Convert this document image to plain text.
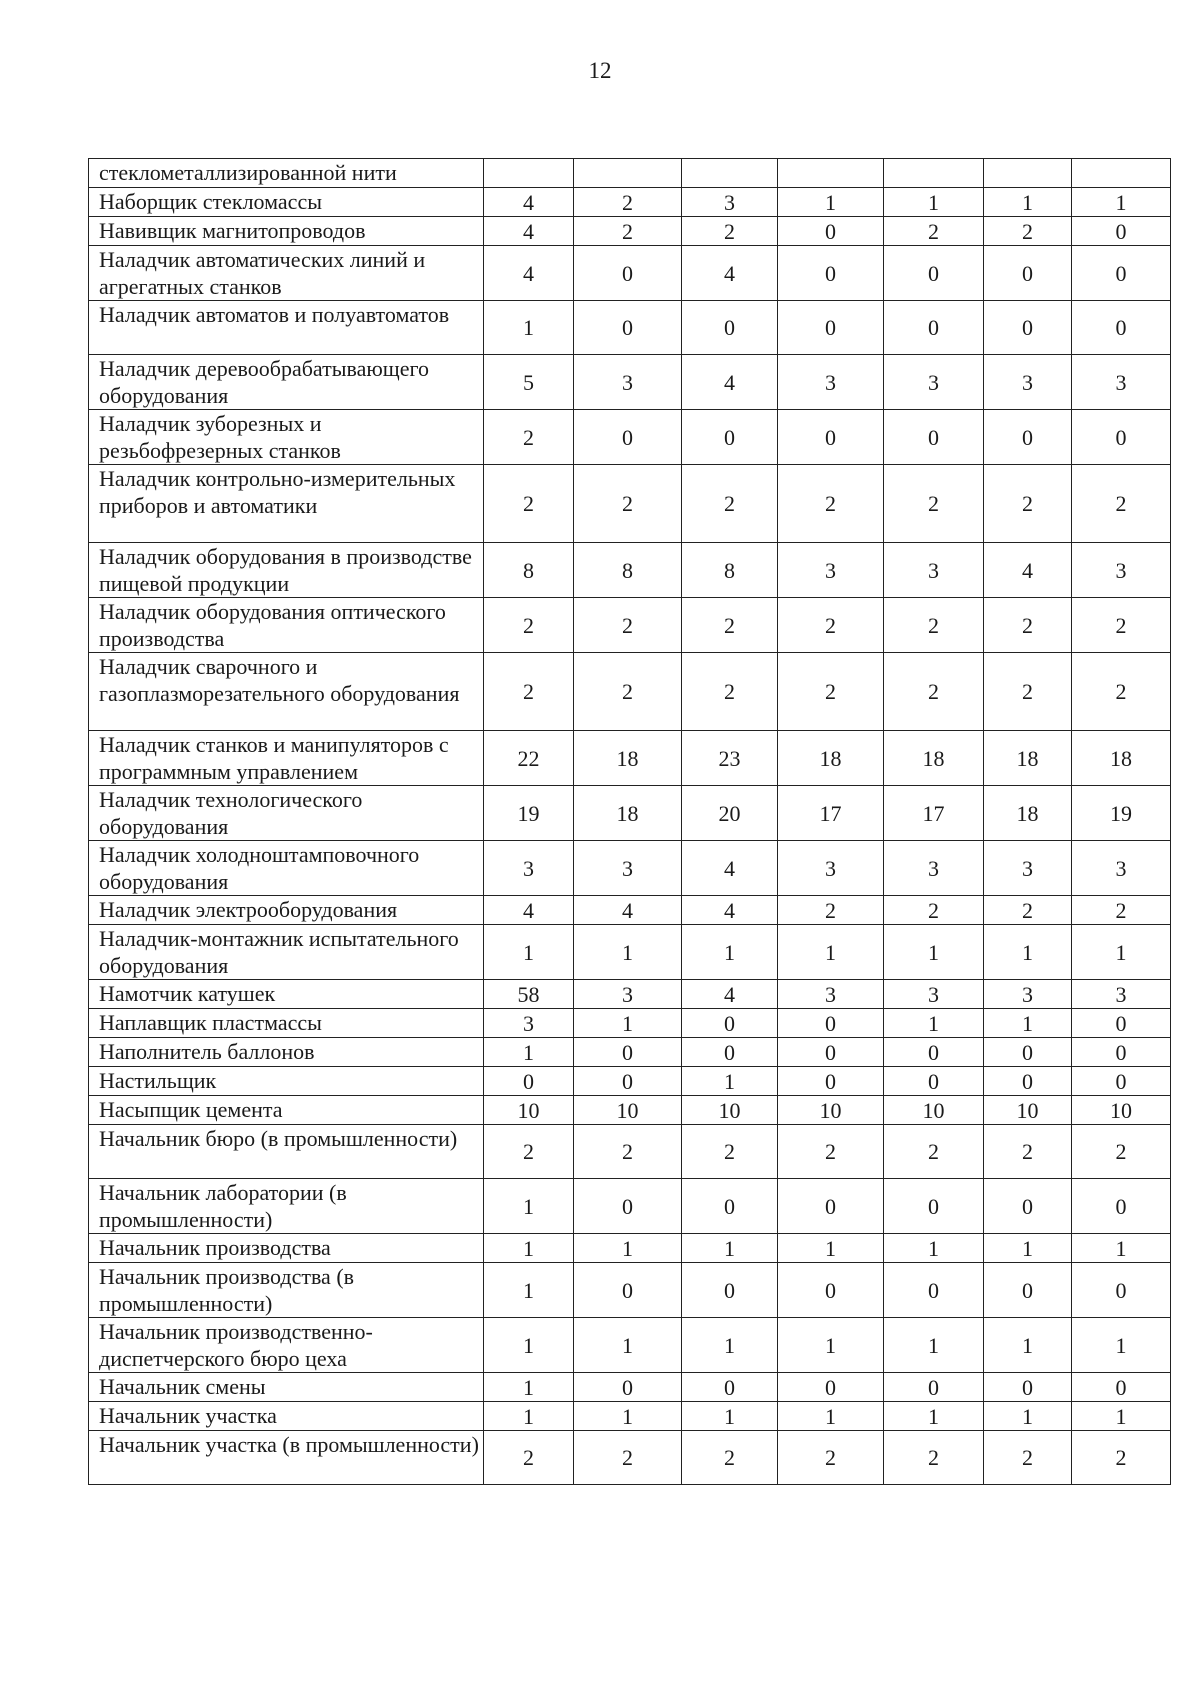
12
стеклометаллизированной нити							
Наборщик стекломассы	4	2	3	1	1	1	1
Навивщик магнитопроводов	4	2	2	0	2	2	0
Наладчик автоматических линий и агрегатных станков	4	0	4	0	0	0	0
Наладчик автоматов и полуавтоматов	1	0	0	0	0	0	0
Наладчик деревообрабатывающего оборудования	5	3	4	3	3	3	3
Наладчик зуборезных и резьбофрезерных станков	2	0	0	0	0	0	0
Наладчик контрольно-измерительных приборов и автоматики	2	2	2	2	2	2	2
Наладчик оборудования в производстве пищевой продукции	8	8	8	3	3	4	3
Наладчик оборудования оптического производства	2	2	2	2	2	2	2
Наладчик сварочного и газоплазморезательного оборудования	2	2	2	2	2	2	2
Наладчик станков и манипуляторов с программным управлением	22	18	23	18	18	18	18
Наладчик технологического оборудования	19	18	20	17	17	18	19
Наладчик холодноштамповочного оборудования	3	3	4	3	3	3	3
Наладчик электрооборудования	4	4	4	2	2	2	2
Наладчик-монтажник испытательного оборудования	1	1	1	1	1	1	1
Намотчик катушек	58	3	4	3	3	3	3
Наплавщик пластмассы	3	1	0	0	1	1	0
Наполнитель баллонов	1	0	0	0	0	0	0
Настильщик	0	0	1	0	0	0	0
Насыпщик цемента	10	10	10	10	10	10	10
Начальник бюро (в промышленности)	2	2	2	2	2	2	2
Начальник лаборатории (в промышленности)	1	0	0	0	0	0	0
Начальник производства	1	1	1	1	1	1	1
Начальник производства (в промышленности)	1	0	0	0	0	0	0
Начальник производственно-диспетчерского бюро цеха	1	1	1	1	1	1	1
Начальник смены	1	0	0	0	0	0	0
Начальник участка	1	1	1	1	1	1	1
Начальник участка (в промышленности)	2	2	2	2	2	2	2
